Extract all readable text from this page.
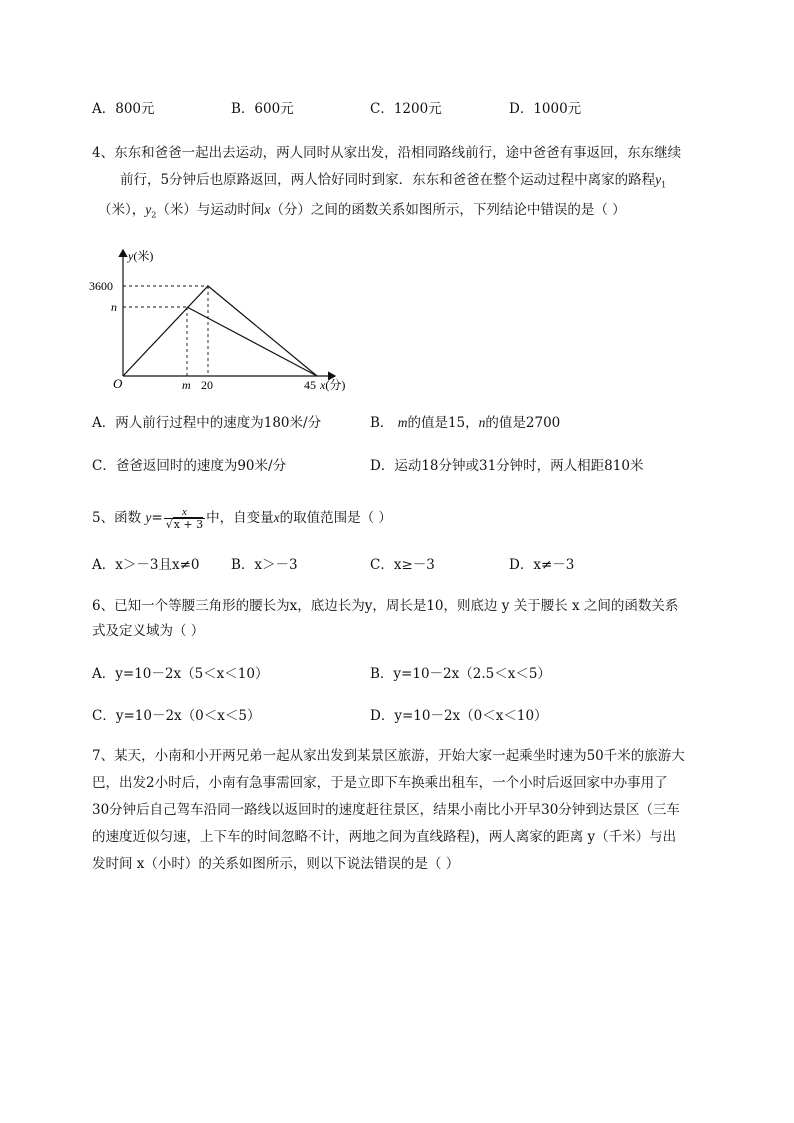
A．800元	B．600元	C．1200元	D．1000元
4、东东和爸爸一起出去运动，两人同时从家出发，沿相同路线前行，途中爸爸有事返回，东东继续
前行，5分钟后也原路返回，两人恰好同时到家．东东和爸爸在整个运动过程中离家的路程$y_1$
（米），$y_2$（米）与运动时间x（分）之间的函数关系如图所示，下列结论中错误的是（ ）
y(米)
3600
n
O	m 20	45 x(分)
A．两人前行过程中的速度为180米/分	B． m的值是15，n的值是2700
C．爸爸返回时的速度为90米/分	D．运动18分钟或31分钟时，两人相距810米
5、函数 $y= \frac{x}{√x + 3}$ 中，自变量x的取值范围是（ ）
A．x＞－3且x≠0 B．x＞－3	C．x≥－3	D．x≠－3
6、已知一个等腰三角形的腰长为x，底边长为y，周长是10，则底边 y 关于腰长 x 之间的函数关系
式及定义域为（ ）
A．y=10－2x（5＜x＜10）	B．y=10－2x（2.5＜x＜5）
C．y=10－2x（0＜x＜5）	D．y=10－2x（0＜x＜10）
7、某天，小南和小开两兄弟一起从家出发到某景区旅游，开始大家一起乘坐时速为50千米的旅游大
巴，出发2小时后，小南有急事需回家，于是立即下车换乘出租车，一个小时后返回家中办事用了
30分钟后自己驾车沿同一路线以返回时的速度赶往景区，结果小南比小开早30分钟到达景区（三车
的速度近似匀速，上下车的时间忽略不计，两地之间为直线路程)，两人离家的距离 y（千米）与出
发时间 x（小时）的关系如图所示，则以下说法错误的是（ ）
